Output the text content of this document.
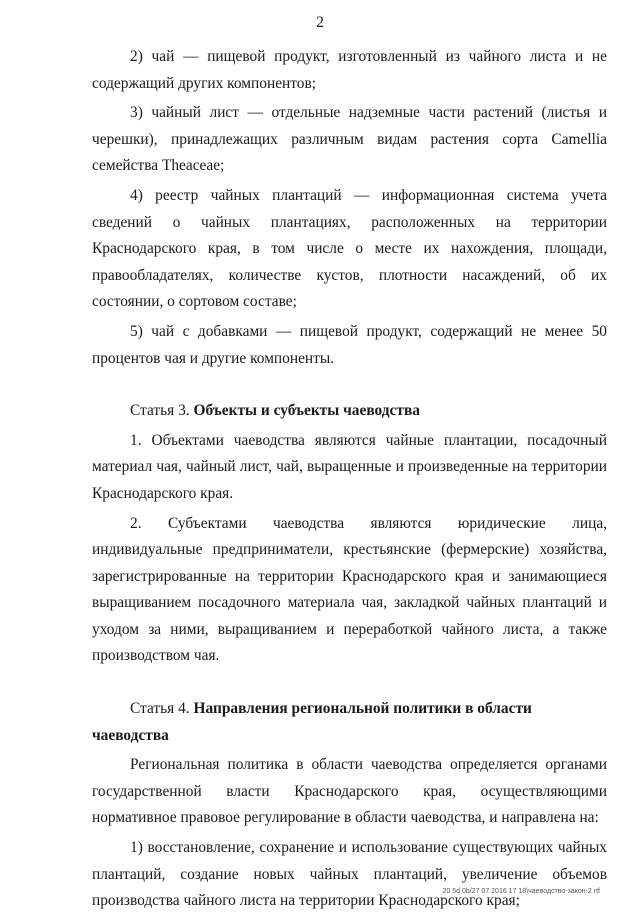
2

2) чай — пищевой продукт, изготовленный из чайного листа и не содержащий других компонентов;

3) чайный лист — отдельные надземные части растений (листья и черешки), принадлежащих различным видам растения сорта Camellia семейства Theaceae;

4) реестр чайных плантаций — информационная система учета сведений о чайных плантациях, расположенных на территории Краснодарского края, в том числе о месте их нахождения, площади, правообладателях, количестве кустов, плотности насаждений, об их состоянии, о сортовом составе;

5) чай с добавками — пищевой продукт, содержащий не менее 50 процентов чая и другие компоненты.

Статья 3. Объекты и субъекты чаеводства

1. Объектами чаеводства являются чайные плантации, посадочный материал чая, чайный лист, чай, выращенные и произведенные на территории Краснодарского края.

2. Субъектами чаеводства являются юридические лица, индивидуальные предприниматели, крестьянские (фермерские) хозяйства, зарегистрированные на территории Краснодарского края и занимающиеся выращиванием посадочного материала чая, закладкой чайных плантаций и уходом за ними, выращиванием и переработкой чайного листа, а также производством чая.

Статья 4. Направления региональной политики в области чаеводства

Региональная политика в области чаеводства определяется органами государственной власти Краснодарского края, осуществляющими нормативное правовое регулирование в области чаеводства, и направлена на:

1) восстановление, сохранение и использование существующих чайных плантаций, создание новых чайных плантаций, увеличение объемов производства чайного листа на территории Краснодарского края;

20 5d 0b/27 07 2016 17 18\чаеводство-закон-2 rtf
